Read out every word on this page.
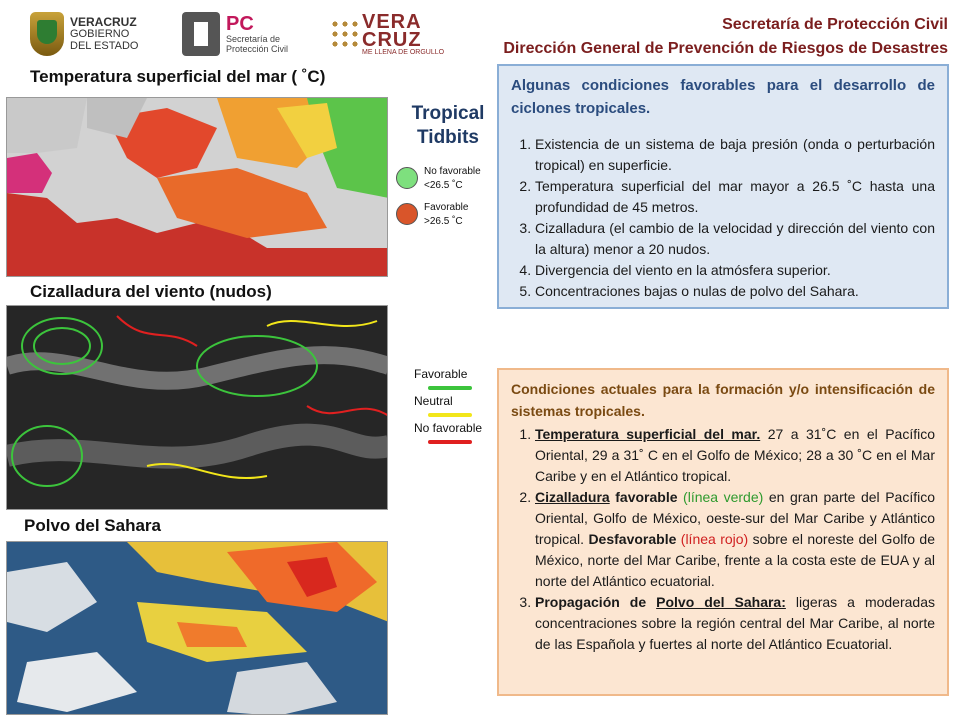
VERACRUZ
GOBIERNO
DEL ESTADO
PC
Secretaría de
Protección Civil
VERA
CRUZ
ME LLENA DE ORGULLO
Secretaría de Protección Civil
Dirección General de Prevención de Riesgos de Desastres
Temperatura superficial del mar ( ˚C)
Cizalladura del viento (nudos)
Polvo del Sahara
Tropical
Tidbits
No favorable
<26.5 ˚C
Favorable
>26.5 ˚C
Favorable
Neutral
No favorable
Algunas condiciones favorables para el desarrollo de ciclones tropicales.
1. Existencia de un sistema de baja presión (onda o perturbación tropical) en superficie.
2. Temperatura superficial del mar mayor a 26.5 ˚C hasta una profundidad de 45 metros.
3. Cizalladura (el cambio de la velocidad y dirección del viento con la altura) menor a 20 nudos.
4. Divergencia del viento en la atmósfera superior.
5. Concentraciones bajas o nulas de polvo del Sahara.
Condiciones actuales para la formación y/o intensificación de sistemas tropicales.
1. Temperatura superficial del mar. 27 a 31˚C en el Pacífico Oriental, 29 a 31˚ C en el Golfo de México; 28 a 30 ˚C en el Mar Caribe y en el Atlántico tropical.
2. Cizalladura favorable (línea verde) en gran parte del Pacífico Oriental, Golfo de México, oeste-sur del Mar Caribe y Atlántico tropical. Desfavorable (línea rojo) sobre el noreste del Golfo de México, norte del Mar Caribe, frente a la costa este de EUA y al norte del Atlántico ecuatorial.
3. Propagación de Polvo del Sahara: ligeras a moderadas concentraciones sobre la región central del Mar Caribe, al norte de las Española y fuertes al norte del Atlántico Ecuatorial.
